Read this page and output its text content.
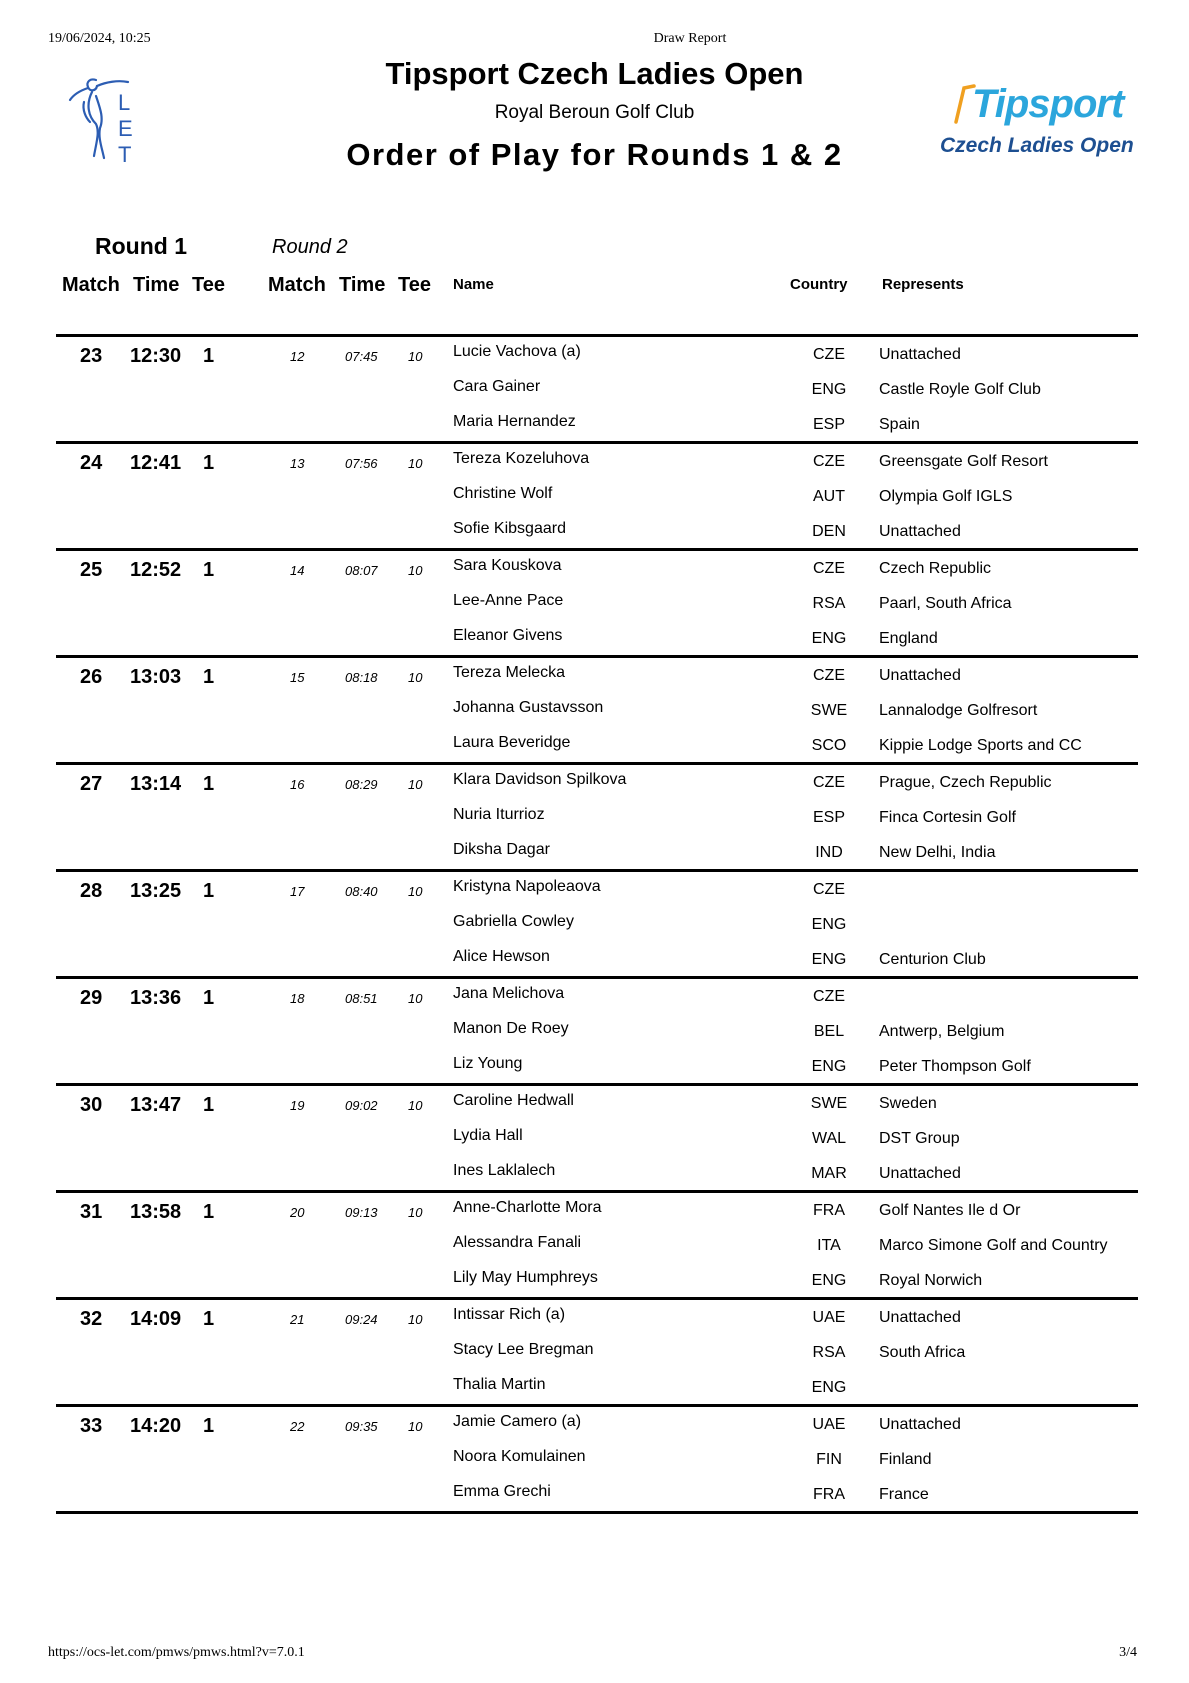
19/06/2024, 10:25	Draw Report
L
E
T
Tipsport Czech Ladies Open
Royal Beroun Golf Club
Order of Play for Rounds 1 & 2
Tipsport
Czech Ladies Open
Round 1	Round 2
Match Time Tee Match Time Tee Name	Country Represents
23 12:30 1	12	07:45 10 Lucie Vachova (a)	CZE	Unattached
Cara Gainer	ENG	Castle Royle Golf Club
Maria Hernandez	ESP	Spain
24 12:41 1	13	07:56 10 Tereza Kozeluhova	CZE	Greensgate Golf Resort
Christine Wolf	AUT	Olympia Golf IGLS
Sofie Kibsgaard	DEN	Unattached
25 12:52 1	14	08:07 10 Sara Kouskova	CZE	Czech Republic
Lee-Anne Pace	RSA	Paarl, South Africa
Eleanor Givens	ENG	England
26 13:03 1	15	08:18 10 Tereza Melecka	CZE	Unattached
Johanna Gustavsson	SWE	Lannalodge Golfresort
Laura Beveridge	SCO	Kippie Lodge Sports and CC
27 13:14 1	16	08:29 10 Klara Davidson Spilkova	CZE	Prague, Czech Republic
Nuria Iturrioz	ESP	Finca Cortesin Golf
Diksha Dagar	IND	New Delhi, India
28 13:25 1	17	08:40 10 Kristyna Napoleaova	CZE
Gabriella Cowley	ENG
Alice Hewson	ENG	Centurion Club
29 13:36 1	18	08:51 10 Jana Melichova	CZE
Manon De Roey	BEL	Antwerp, Belgium
Liz Young	ENG	Peter Thompson Golf
30 13:47 1	19	09:02 10 Caroline Hedwall	SWE	Sweden
Lydia Hall	WAL	DST Group
Ines Laklalech	MAR	Unattached
31 13:58 1	20	09:13 10 Anne-Charlotte Mora	FRA	Golf Nantes Ile d Or
Alessandra Fanali	ITA	Marco Simone Golf and Country
Lily May Humphreys	ENG	Royal Norwich
32 14:09 1	21	09:24 10 Intissar Rich (a)	UAE	Unattached
Stacy Lee Bregman	RSA	South Africa
Thalia Martin	ENG
33 14:20 1	22	09:35 10 Jamie Camero (a)	UAE	Unattached
Noora Komulainen	FIN	Finland
Emma Grechi	FRA	France
https://ocs-let.com/pmws/pmws.html?v=7.0.1	3/4
